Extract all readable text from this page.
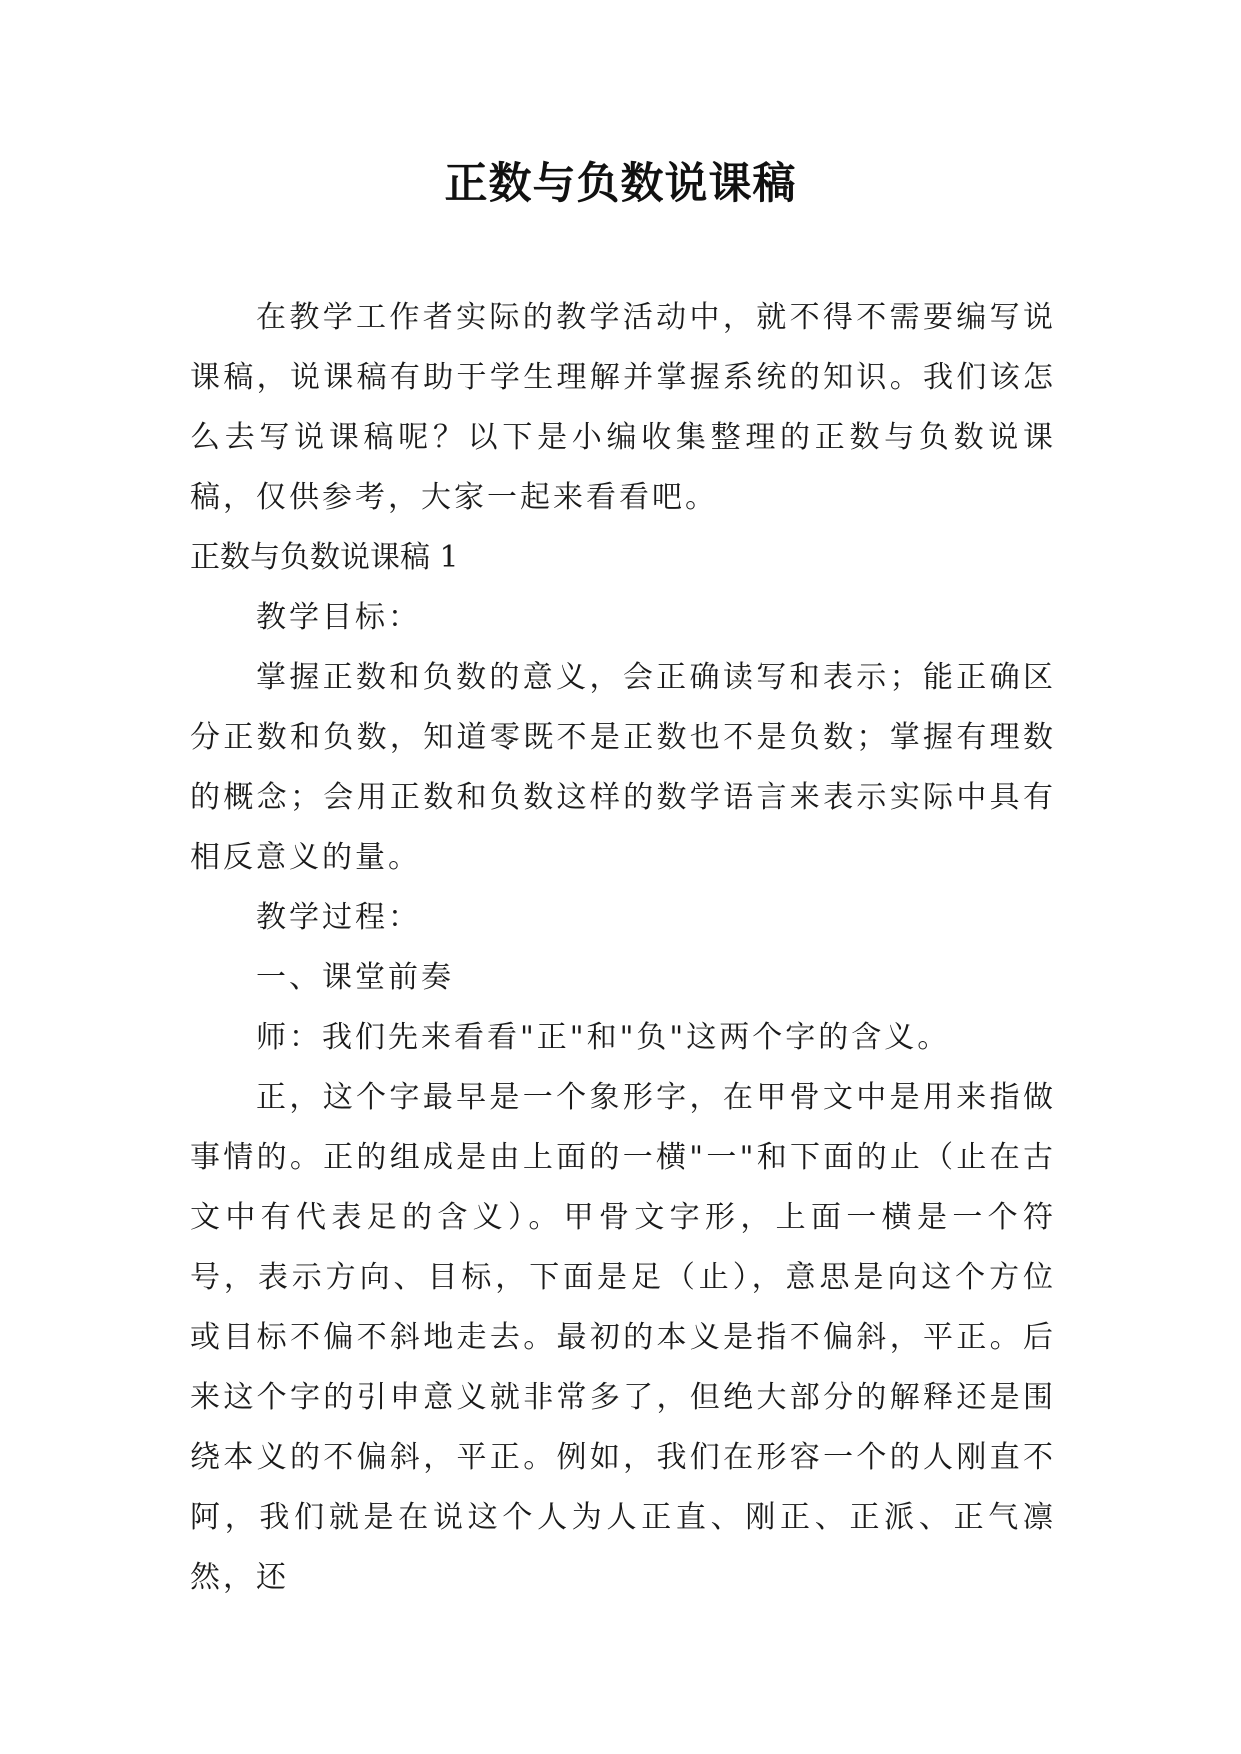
正数与负数说课稿

在教学工作者实际的教学活动中，就不得不需要编写说课稿，说课稿有助于学生理解并掌握系统的知识。我们该怎么去写说课稿呢？以下是小编收集整理的正数与负数说课稿，仅供参考，大家一起来看看吧。

正数与负数说课稿 1

教学目标：

掌握正数和负数的意义，会正确读写和表示；能正确区分正数和负数，知道零既不是正数也不是负数；掌握有理数的概念；会用正数和负数这样的数学语言来表示实际中具有相反意义的量。

教学过程：

一、课堂前奏

师：我们先来看看"正"和"负"这两个字的含义。

正，这个字最早是一个象形字，在甲骨文中是用来指做事情的。正的组成是由上面的一横"一"和下面的止（止在古文中有代表足的含义）。甲骨文字形，上面一横是一个符号，表示方向、目标，下面是足（止），意思是向这个方位或目标不偏不斜地走去。最初的本义是指不偏斜，平正。后来这个字的引申意义就非常多了，但绝大部分的解释还是围绕本义的不偏斜，平正。例如，我们在形容一个的人刚直不阿，我们就是在说这个人为人正直、刚正、正派、正气凛然，还
